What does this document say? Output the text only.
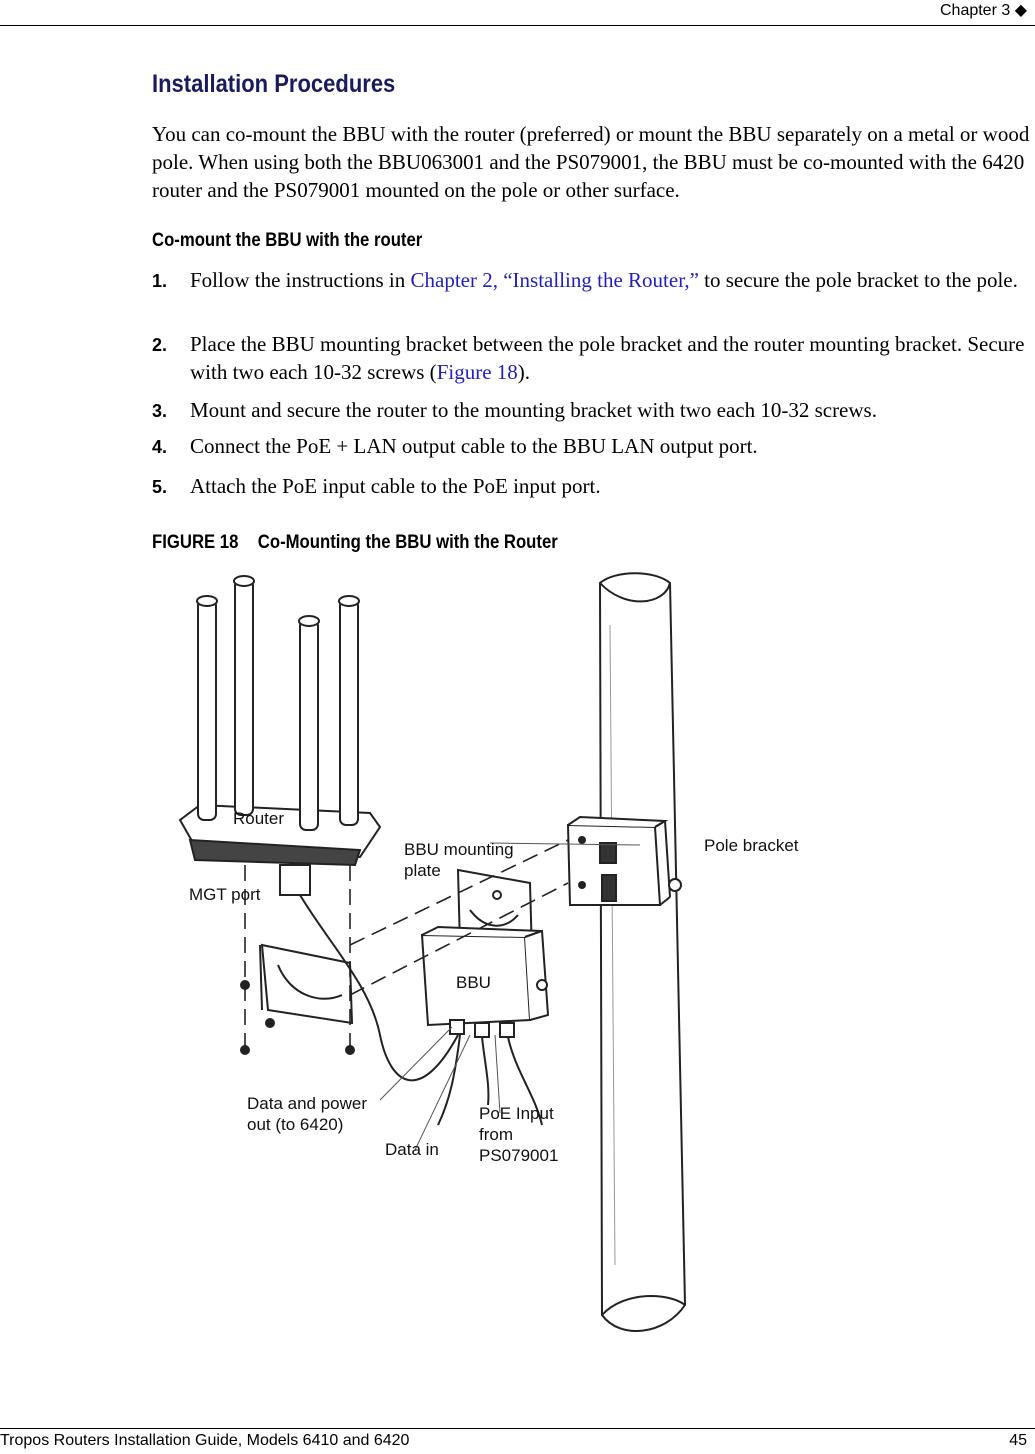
Chapter 3 ◆
Installation Procedures
You can co-mount the BBU with the router (preferred) or mount the BBU separately on a metal or wood pole. When using both the BBU063001 and the PS079001, the BBU must be co-mounted with the 6420 router and the PS079001 mounted on the pole or other surface.
Co-mount the BBU with the router
1. Follow the instructions in Chapter 2, “Installing the Router,” to secure the pole bracket to the pole.
2. Place the BBU mounting bracket between the pole bracket and the router mounting bracket. Secure with two each 10-32 screws (Figure 18).
3. Mount and secure the router to the mounting bracket with two each 10-32 screws.
4. Connect the PoE + LAN output cable to the BBU LAN output port.
5. Attach the PoE input cable to the PoE input port.
FIGURE 18 Co-Mounting the BBU with the Router
Router
MGT port
BBU mounting
plate
Pole bracket
BBU
Data and power
out (to 6420)
Data in
PoE Input
from
PS079001
Tropos Routers Installation Guide, Models 6410 and 6420	45
